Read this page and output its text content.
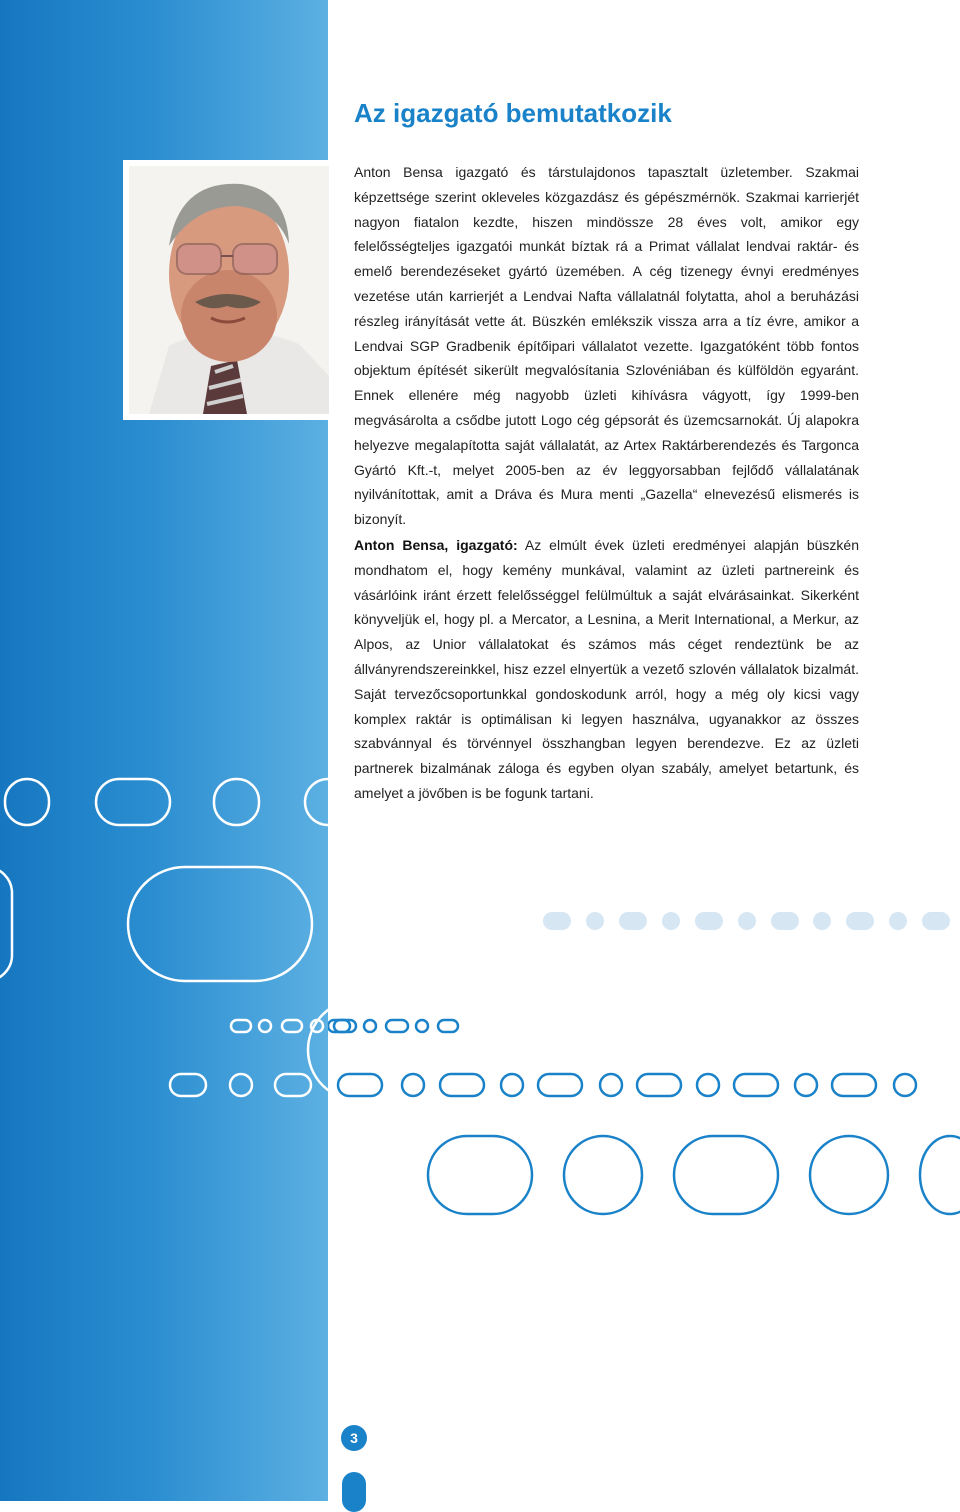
Az igazgató bemutatkozik

Anton Bensa igazgató és társtulajdonos tapasztalt üzletember. Szakmai képzettsége szerint okleveles közgazdász és gépészmérnök. Szakmai karrierjét nagyon fiatalon kezdte, hiszen mindössze 28 éves volt, amikor egy felelősségteljes igazgatói munkát bíztak rá a Primat vállalat lendvai raktár- és emelő berendezéseket gyártó üzemében. A cég tizenegy évnyi eredményes vezetése után karrierjét a Lendvai Nafta vállalatnál folytatta, ahol a beruházási részleg irányítását vette át. Büszkén emlékszik vissza arra a tíz évre, amikor a Lendvai SGP Gradbenik építőipari vállalatot vezette. Igazgatóként több fontos objektum építését sikerült megvalósítania Szlovéniában és külföldön egyaránt. Ennek ellenére még nagyobb üzleti kihívásra vágyott, így 1999-ben megvásárolta a csődbe jutott Logo cég gépsorát és üzemcsarnokát. Új alapokra helyezve megalapította saját vállalatát, az Artex Raktárberendezés és Targonca Gyártó Kft.-t, melyet 2005-ben az év leggyorsabban fejlődő vállalatának nyilvánítottak, amit a Dráva és Mura menti „Gazella“ elnevezésű elismerés is bizonyít.

Anton Bensa, igazgató: Az elmúlt évek üzleti eredményei alapján büszkén mondhatom el, hogy kemény munkával, valamint az üzleti partnereink és vásárlóink iránt érzett felelősséggel felülmúltuk a saját elvárásainkat. Sikerként könyveljük el, hogy pl. a Mercator, a Lesnina, a Merit International, a Merkur, az Alpos, az Unior vállalatokat és számos más céget rendeztünk be az állványrendszereinkkel, hisz ezzel elnyertük a vezető szlovén vállalatok bizalmát. Saját tervezőcsoportunkkal gondoskodunk arról, hogy a még oly kicsi vagy komplex raktár is optimálisan ki legyen használva, ugyanakkor az összes szabvánnyal és törvénnyel összhangban legyen berendezve. Ez az üzleti partnerek bizalmának záloga és egyben olyan szabály, amelyet betartunk, és amelyet a jövőben is be fogunk tartani.

3
